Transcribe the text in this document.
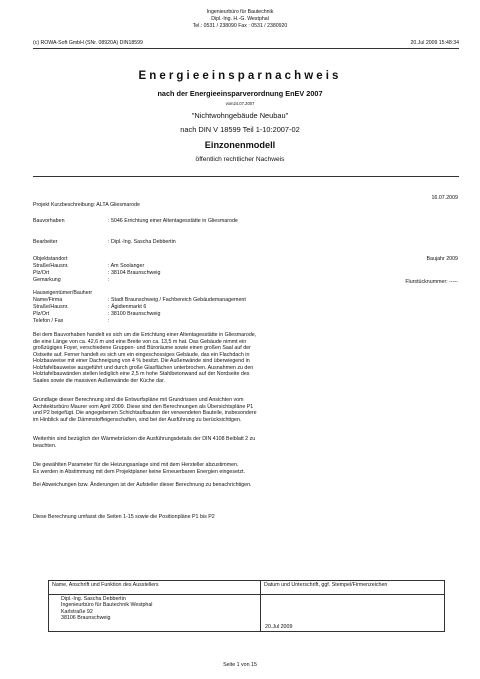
Ingenieurbüro für Bautechnik
Dipl.-Ing. H.-G. Westphal
Tel.: 0531 / 238090 Fax : 0531 / 2380920
(c) ROWA-Soft GmbH (SNr. 08920A) DIN18599	20.Jul 2009 15:48:34
Energieeinsparnachweis
nach der Energieeinsparverordnung EnEV 2007
vom24.07.2007
"Nichtwohngebäude Neubau"
nach DIN V 18599 Teil 1-10:2007-02
Einzonenmodell
öffentlich rechtlicher Nachweis
16.07.2009
Projekt Kurzbeschreibung: ALTA Gliesmarode
Bauvorhaben	: 5046 Errichtung einer Altentagesstätte in Gliesmarode
Bearbeiter	: Dipl.-Ing. Sascha Debbertin
Objektstandort	Baujahr 2009
Straße/Hausnr.	: Am Soolanger
Plz/Ort	: 38104 Braunschweig
Gemarkung	:	Flurstücknummer: -----
Hauseigentümer/Bauherr
Name/Firma	: Stadt Braunschweig / Fachbereich Gebäudemanagement
Straße/Hausnr.	: Ägidienmarkt 6
Plz/Ort	: 38100 Braunschweig
Telefon / Fax	:
Bei dem Bauvorhaben handelt es sich um die Errichtung einer Altentagesstätte in Gliesmarode,
die eine Länge von ca. 42,6 m und eine Breite von ca. 13,5 m hat. Das Gebäude nimmt ein
großzügiges Foyer, verschiedene Gruppen- und Büroräume sowie einen großen Saal auf der
Ostseite auf. Ferner handelt es sich um ein eingeschossiges Gebäude, das ein Flachdach in
Holzbauweise mit einer Dachneigung von 4 % besitzt. Die Außenwände sind überwiegend in
Holzfafelbauweise ausgeführt und durch große Glasflächen unterbrochen. Ausnahmen zu den
Holztafelbauwänden stellen lediglich eine 2,5 m hohe Stahlbetonwand auf der Nordseite des
Saales sowie die massiven Außenwände der Küche dar.
Grundlage dieser Berechnung sind die Entwurfspläne mit Grundrissen und Ansichten vom
Architekturbüro Maurer vom April 2009. Diese sind den Berechnungen als Übersichtspläne P1
und P2 beigefügt. Die angegebenen Schichtaufbauten der verwendeten Bauteile, insbesondere
im Hinblick auf die Dämmstoffeigenschaften, sind bei der Ausführung zu berücksichtigen.
Weiterhin sind bezüglich der Wärmebrücken die Ausführungsdetails der DIN 4108 Beiblatt 2 zu
beachten.
Die gewählten Parameter für die Heizungsanlage sind mit dem Hersteller abzustimmen.
Es werden in Abstimmung mit dem Projektplaner keine Erneuerbaren Energien eingesetzt.
Bei Abweichungen bzw. Änderungen ist der Aufsteller dieser Berechnung zu benachrichtigen.
Diese Berechnung umfasst die Seiten 1-15 sowie die Positionpläne P1 bis P2
Name, Anschrift und Funktion des Ausstellers	Datum und Unterschrift, ggf. Stempel/Firmenzeichen

Dipl.-Ing. Sascha Debbertin
Ingenieurbüro für Bautechnik Westphal
Karlstraße 92
38106 Braunschweig	20.Jul 2009
Seite 1 von 15
